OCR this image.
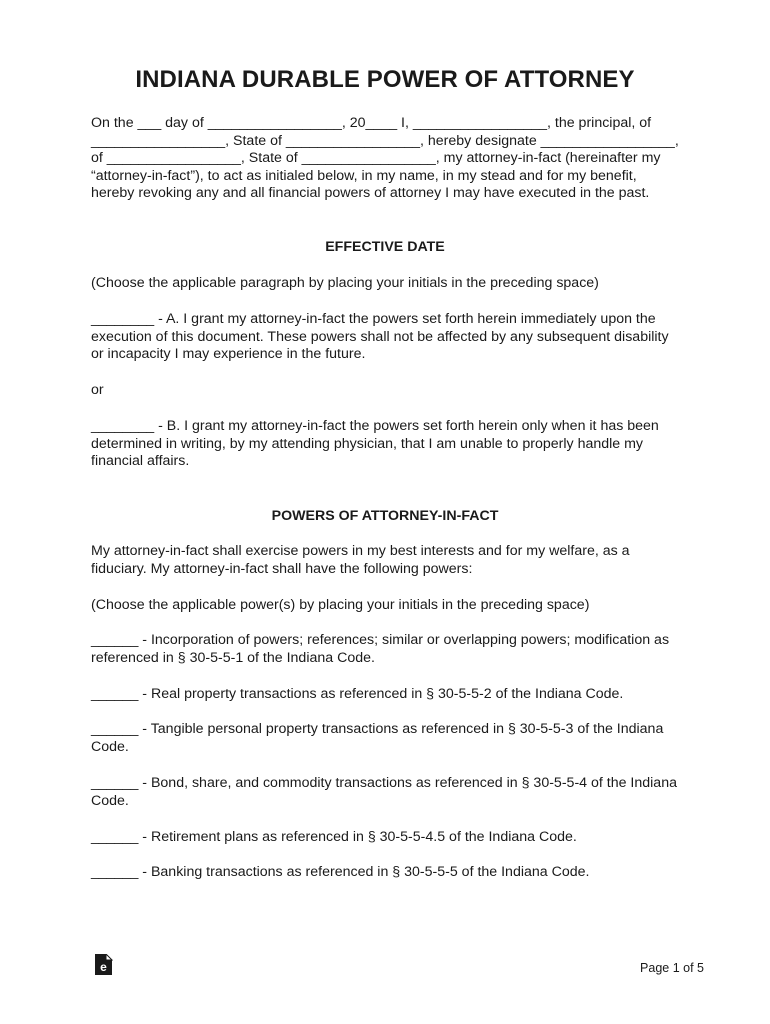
INDIANA DURABLE POWER OF ATTORNEY

On the ___ day of _________________, 20____ I, _________________, the principal, of _________________, State of _________________, hereby designate _________________, of _________________, State of _________________, my attorney-in-fact (hereinafter my “attorney-in-fact”), to act as initialed below, in my name, in my stead and for my benefit, hereby revoking any and all financial powers of attorney I may have executed in the past.

EFFECTIVE DATE

(Choose the applicable paragraph by placing your initials in the preceding space)

________ - A. I grant my attorney-in-fact the powers set forth herein immediately upon the execution of this document. These powers shall not be affected by any subsequent disability or incapacity I may experience in the future.

or

________ - B. I grant my attorney-in-fact the powers set forth herein only when it has been determined in writing, by my attending physician, that I am unable to properly handle my financial affairs.

POWERS OF ATTORNEY-IN-FACT

My attorney-in-fact shall exercise powers in my best interests and for my welfare, as a fiduciary. My attorney-in-fact shall have the following powers:

(Choose the applicable power(s) by placing your initials in the preceding space)

______ - Incorporation of powers; references; similar or overlapping powers; modification as referenced in § 30-5-5-1 of the Indiana Code.

______ - Real property transactions as referenced in § 30-5-5-2 of the Indiana Code.

______ - Tangible personal property transactions as referenced in § 30-5-5-3 of the Indiana Code.

______ - Bond, share, and commodity transactions as referenced in § 30-5-5-4 of the Indiana Code.

______ - Retirement plans as referenced in § 30-5-5-4.5 of the Indiana Code.

______ - Banking transactions as referenced in § 30-5-5-5 of the Indiana Code.

e	Page 1 of 5
